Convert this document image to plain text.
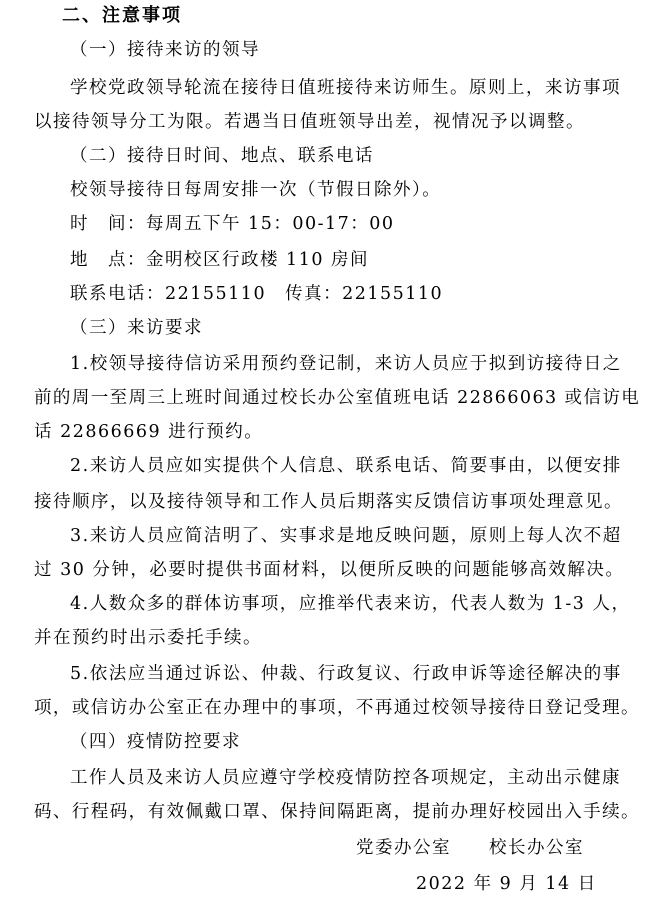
二、注意事项
（一）接待来访的领导
学校党政领导轮流在接待日值班接待来访师生。原则上，来访事项
以接待领导分工为限。若遇当日值班领导出差，视情况予以调整。
（二）接待日时间、地点、联系电话
校领导接待日每周安排一次（节假日除外）。
时　间：每周五下午 15：00-17：00
地　点：金明校区行政楼 110 房间
联系电话：22155110　传真：22155110
（三）来访要求
1.校领导接待信访采用预约登记制，来访人员应于拟到访接待日之
前的周一至周三上班时间通过校长办公室值班电话 22866063 或信访电
话 22866669 进行预约。
2.来访人员应如实提供个人信息、联系电话、简要事由，以便安排
接待顺序，以及接待领导和工作人员后期落实反馈信访事项处理意见。
3.来访人员应简洁明了、实事求是地反映问题，原则上每人次不超
过 30 分钟，必要时提供书面材料，以便所反映的问题能够高效解决。
4.人数众多的群体访事项，应推举代表来访，代表人数为 1-3 人，
并在预约时出示委托手续。
5.依法应当通过诉讼、仲裁、行政复议、行政申诉等途径解决的事
项，或信访办公室正在办理中的事项，不再通过校领导接待日登记受理。
（四）疫情防控要求
工作人员及来访人员应遵守学校疫情防控各项规定，主动出示健康
码、行程码，有效佩戴口罩、保持间隔距离，提前办理好校园出入手续。
党委办公室　　校长办公室
2022 年 9 月 14 日
